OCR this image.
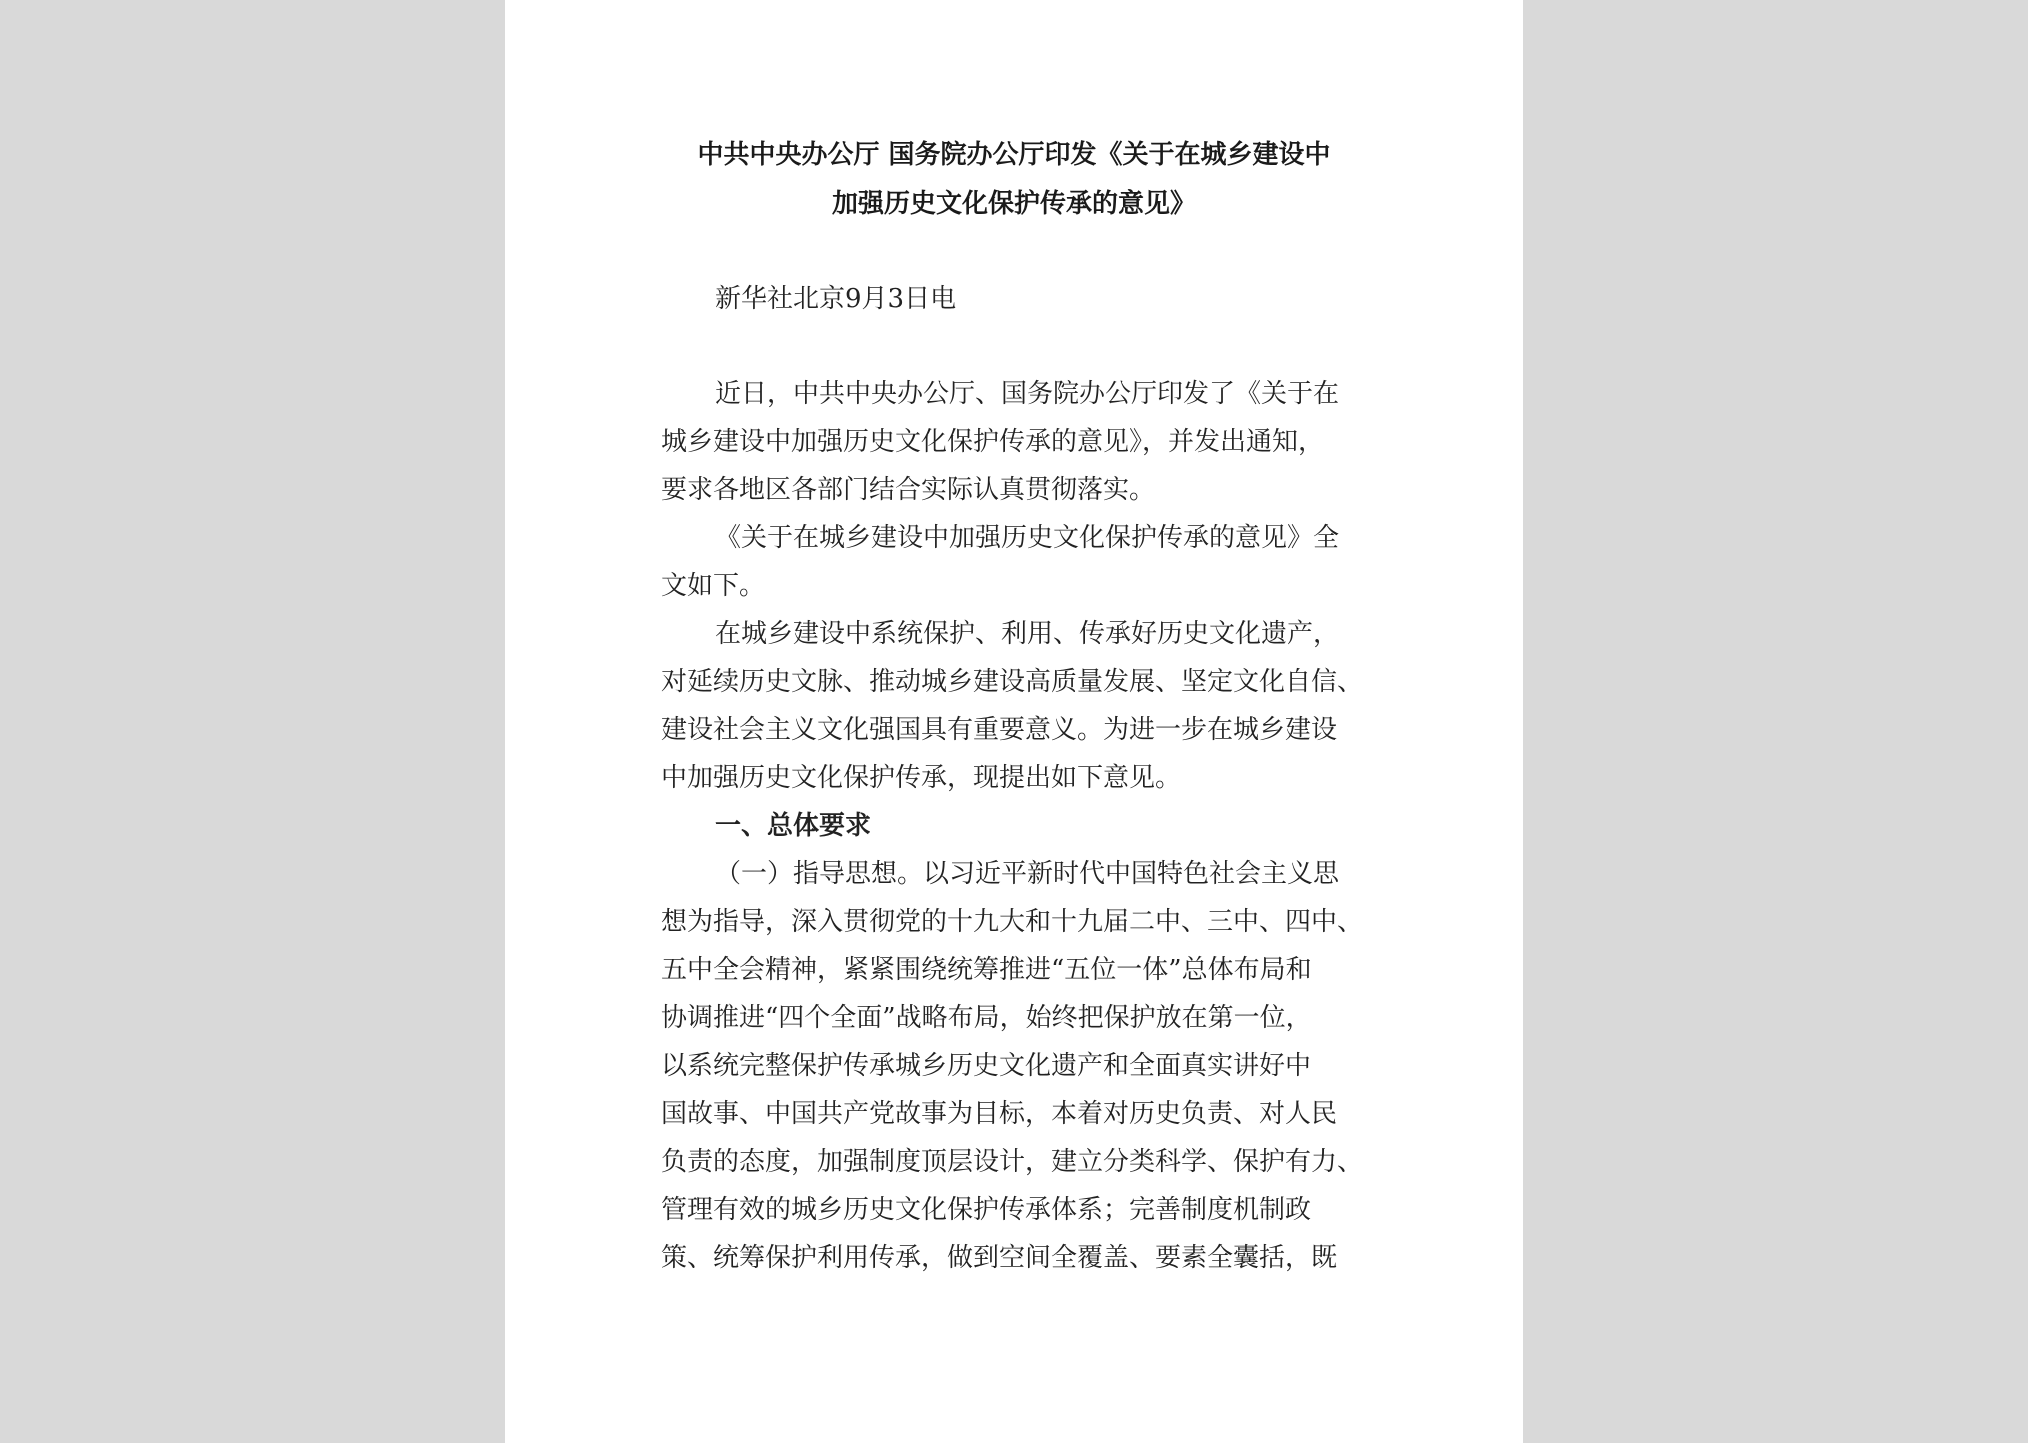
中共中央办公厅 国务院办公厅印发《关于在城乡建设中
加强历史文化保护传承的意见》
新华社北京9月3日电
近日，中共中央办公厅、国务院办公厅印发了《关于在
城乡建设中加强历史文化保护传承的意见》，并发出通知，
要求各地区各部门结合实际认真贯彻落实。
《关于在城乡建设中加强历史文化保护传承的意见》全
文如下。
在城乡建设中系统保护、利用、传承好历史文化遗产，
对延续历史文脉、推动城乡建设高质量发展、坚定文化自信、
建设社会主义文化强国具有重要意义。为进一步在城乡建设
中加强历史文化保护传承，现提出如下意见。
一、总体要求
（一）指导思想。以习近平新时代中国特色社会主义思
想为指导，深入贯彻党的十九大和十九届二中、三中、四中、
五中全会精神，紧紧围绕统筹推进“五位一体”总体布局和
协调推进“四个全面”战略布局，始终把保护放在第一位，
以系统完整保护传承城乡历史文化遗产和全面真实讲好中
国故事、中国共产党故事为目标，本着对历史负责、对人民
负责的态度，加强制度顶层设计，建立分类科学、保护有力、
管理有效的城乡历史文化保护传承体系；完善制度机制政
策、统筹保护利用传承，做到空间全覆盖、要素全囊括，既
